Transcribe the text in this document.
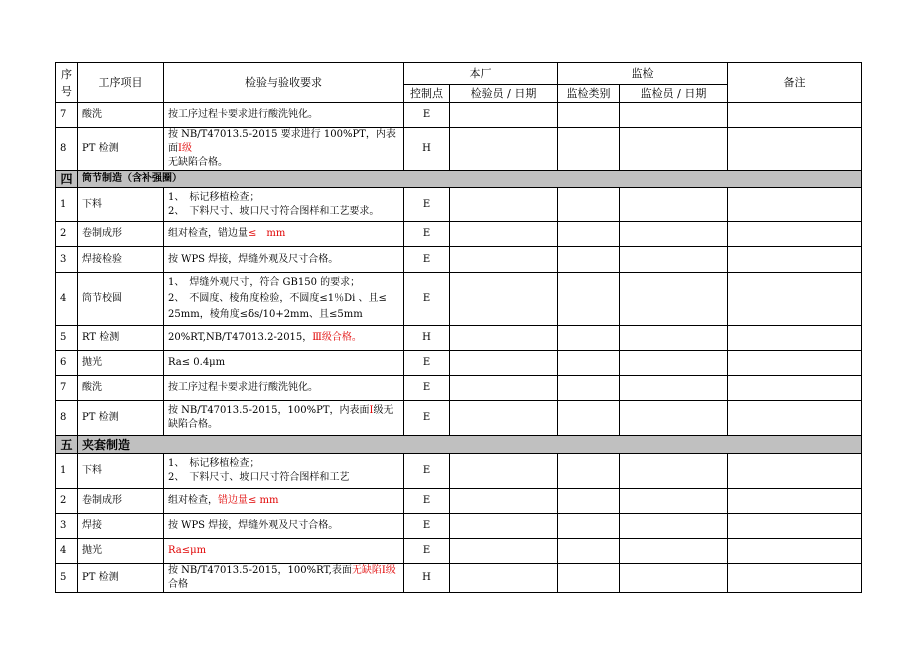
序号	工序项目	检验与验收要求	本厂		监检		备注
			控制点	检验员 / 日期	监检类别	监检员 / 日期	
7	酸洗	按工序过程卡要求进行酸洗钝化。	E				
8	PT 检测	按 NB/T47013.5-2015 要求进行 100%PT，内表面Ⅰ级
无缺陷合格。	H				
四	筒节制造（含补强圈）						
1	下料	1、　标记移植检查；
2、　下料尺寸、坡口尺寸符合图样和工艺要求。	E				
2	卷制成形	组对检查，错边量≤　mm	E				
3	焊接检验	按 WPS 焊接，焊缝外观及尺寸合格。	E				
4	筒节校圆	1、　焊缝外观尺寸，符合 GB150 的要求；
2、　不圆度、棱角度检验，不圆度≤1％Di 、且≤
25mm，棱角度≤δs/10+2mm、且≤5mm	E				
5	RT 检测	20%RT,NB/T47013.2-2015，Ⅲ级合格。	H				
6	抛光	Ra≤ 0.4μm	E				
7	酸洗	按工序过程卡要求进行酸洗钝化。	E				
8	PT 检测	按 NB/T47013.5-2015，100%PT，内表面Ⅰ级无缺陷合格。	E				
五	夹套制造						
1	下料	1、　标记移植检查；
2、　下料尺寸、坡口尺寸符合图样和工艺	E				
2	卷制成形	组对检查，错边量≤ mm	E				
3	焊接	按 WPS 焊接，焊缝外观及尺寸合格。	E				
4	抛光	Ra≤μm	E				
5	PT 检测	按 NB/T47013.5-2015，100%RT,表面无缺陷Ⅰ级合格	H				
